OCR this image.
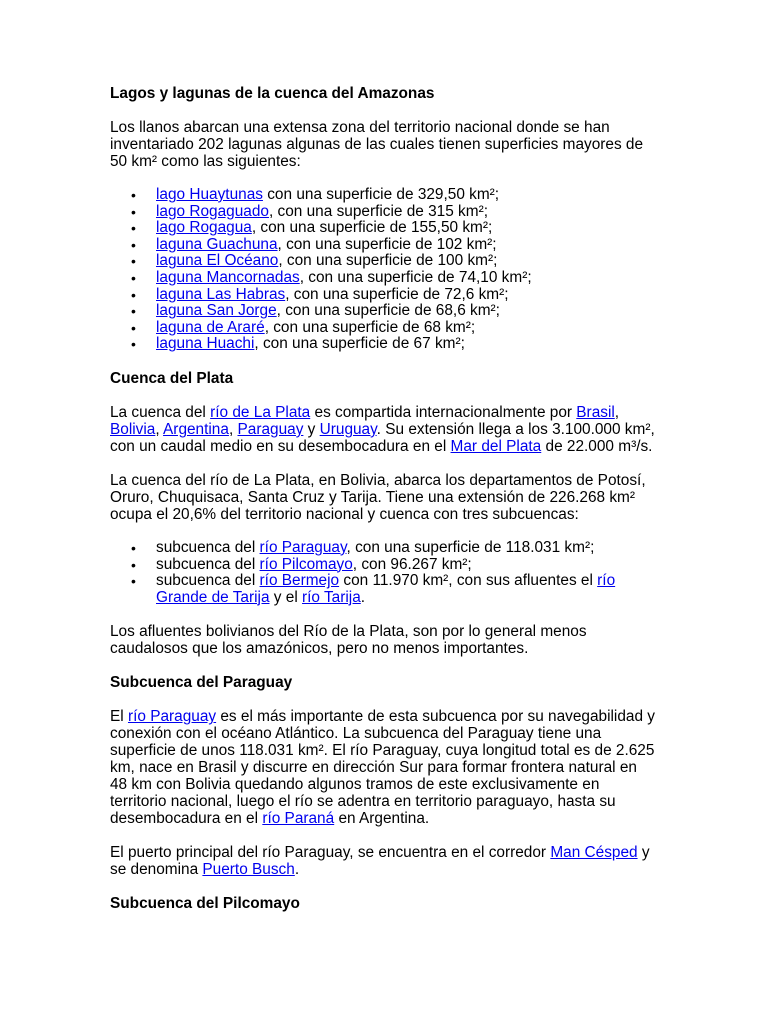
Lagos y lagunas de la cuenca del Amazonas

Los llanos abarcan una extensa zona del territorio nacional donde se han inventariado 202 lagunas algunas de las cuales tienen superficies mayores de 50 km² como las siguientes:

• lago Huaytunas con una superficie de 329,50 km²;
• lago Rogaguado, con una superficie de 315 km²;
• lago Rogagua, con una superficie de 155,50 km²;
• laguna Guachuna, con una superficie de 102 km²;
• laguna El Océano, con una superficie de 100 km²;
• laguna Mancornadas, con una superficie de 74,10 km²;
• laguna Las Habras, con una superficie de 72,6 km²;
• laguna San Jorge, con una superficie de 68,6 km²;
• laguna de Araré, con una superficie de 68 km²;
• laguna Huachi, con una superficie de 67 km²;
Cuenca del Plata

La cuenca del río de La Plata es compartida internacionalmente por Brasil, Bolivia, Argentina, Paraguay y Uruguay. Su extensión llega a los 3.100.000 km², con un caudal medio en su desembocadura en el Mar del Plata de 22.000 m³/s.

La cuenca del río de La Plata, en Bolivia, abarca los departamentos de Potosí, Oruro, Chuquisaca, Santa Cruz y Tarija. Tiene una extensión de 226.268 km² ocupa el 20,6% del territorio nacional y cuenca con tres subcuencas:

• subcuenca del río Paraguay, con una superficie de 118.031 km²;
• subcuenca del río Pilcomayo, con 96.267 km²;
• subcuenca del río Bermejo con 11.970 km², con sus afluentes el río Grande de Tarija y el río Tarija.

Los afluentes bolivianos del Río de la Plata, son por lo general menos caudalosos que los amazónicos, pero no menos importantes.

Subcuenca del Paraguay

El río Paraguay es el más importante de esta subcuenca por su navegabilidad y conexión con el océano Atlántico. La subcuenca del Paraguay tiene una superficie de unos 118.031 km². El río Paraguay, cuya longitud total es de 2.625 km, nace en Brasil y discurre en dirección Sur para formar frontera natural en 48 km con Bolivia quedando algunos tramos de este exclusivamente en territorio nacional, luego el río se adentra en territorio paraguayo, hasta su desembocadura en el río Paraná en Argentina.

El puerto principal del río Paraguay, se encuentra en el corredor Man Césped y se denomina Puerto Busch.

Subcuenca del Pilcomayo
